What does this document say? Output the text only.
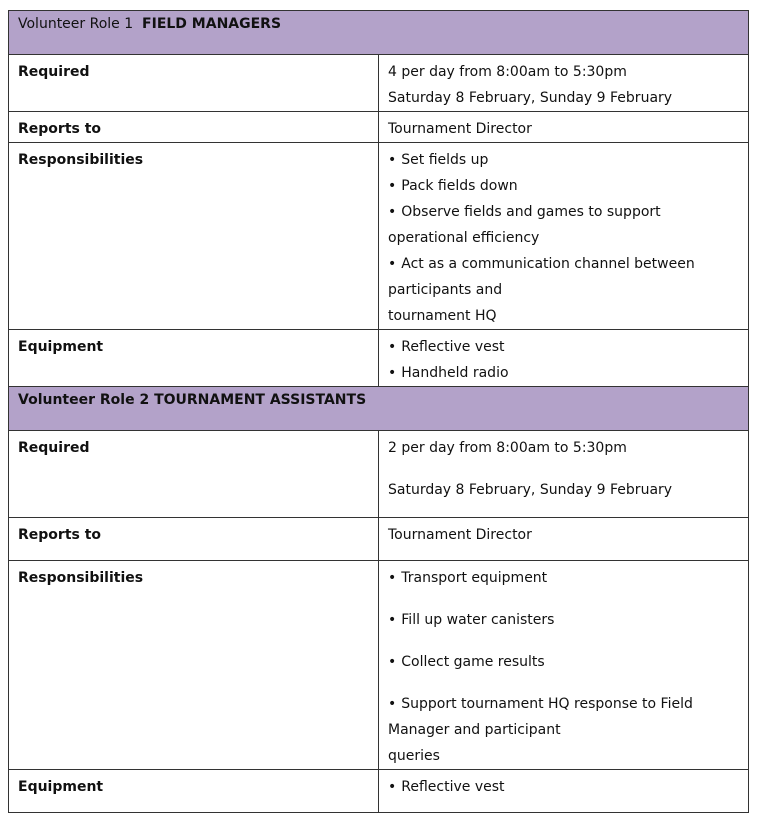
Volunteer Role 1 FIELD MANAGERS	
Required	4 per day from 8:00am to 5:30pm
Saturday 8 February, Sunday 9 February

Reports to	Tournament Director
Responsibilities	• Set fields up
• Pack fields down
• Observe fields and games to support operational efficiency
• Act as a communication channel between participants and
tournament HQ

Equipment	• Reflective vest
• Handheld radio

Volunteer Role 2 TOURNAMENT ASSISTANTS	
Required	2 per day from 8:00am to 5:30pm
Saturday 8 February, Sunday 9 February

Reports to	Tournament Director
Responsibilities	• Transport equipment
• Fill up water canisters
• Collect game results
• Support tournament HQ response to Field Manager and participant
queries

Equipment	• Reflective vest
